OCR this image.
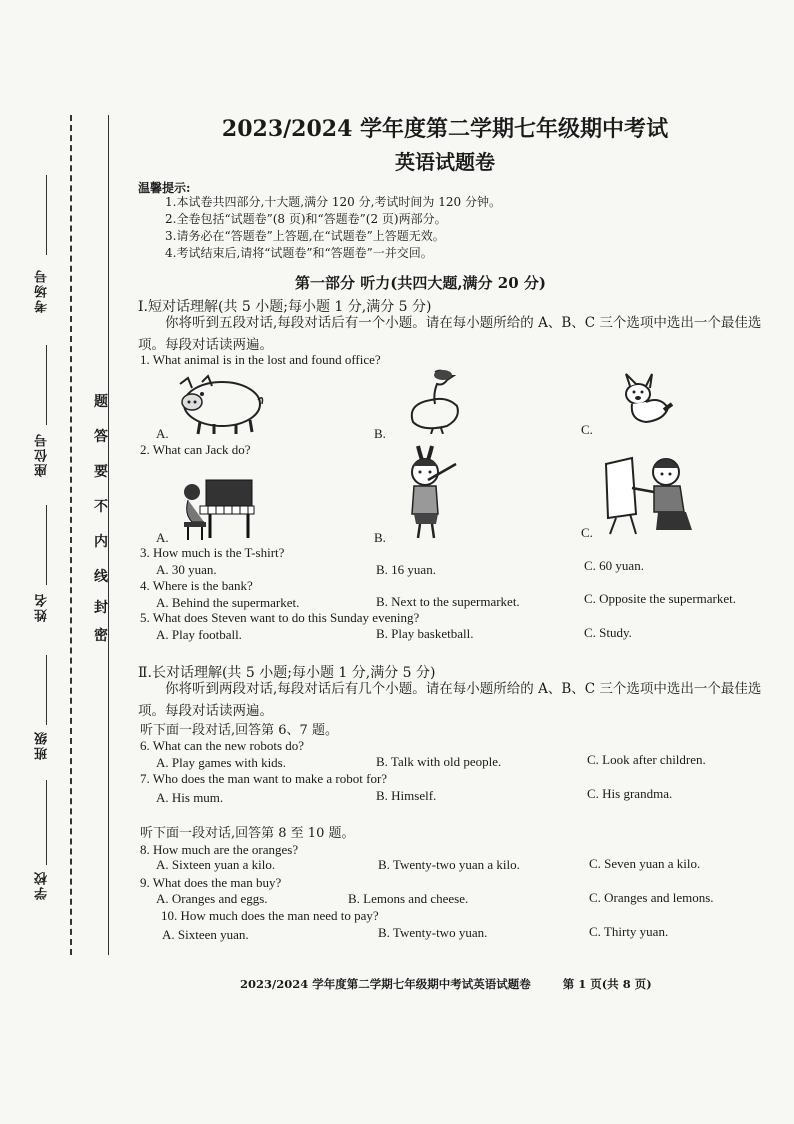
考场号
座位号
姓名
班级
学校
密
封
线
内
不
要
答
题
2023/2024 学年度第二学期七年级期中考试
英语试题卷
温馨提示:
1.本试卷共四部分,十大题,满分 120 分,考试时间为 120 分钟。
2.全卷包括“试题卷”(8 页)和“答题卷”(2 页)两部分。
3.请务必在“答题卷”上答题,在“试题卷”上答题无效。
4.考试结束后,请将“试题卷”和“答题卷”一并交回。
第一部分 听力(共四大题,满分 20 分)
Ⅰ.短对话理解(共 5 小题;每小题 1 分,满分 5 分)
你将听到五段对话,每段对话后有一个小题。请在每小题所给的 A、B、C 三个选项中选出一个最佳选项。每段对话读两遍。
1. What animal is in the lost and found office?
A.	B.	C.
2. What can Jack do?
A.	B.	C.
3. How much is the T-shirt?
A. 30 yuan.	B. 16 yuan.	C. 60 yuan.
4. Where is the bank?
A. Behind the supermarket.	B. Next to the supermarket.	C. Opposite the supermarket.
5. What does Steven want to do this Sunday evening?
A. Play football.	B. Play basketball.	C. Study.
Ⅱ.长对话理解(共 5 小题;每小题 1 分,满分 5 分)
你将听到两段对话,每段对话后有几个小题。请在每小题所给的 A、B、C 三个选项中选出一个最佳选项。每段对话读两遍。
听下面一段对话,回答第 6、7 题。
6. What can the new robots do?
A. Play games with kids.	B. Talk with old people.	C. Look after children.
7. Who does the man want to make a robot for?
A. His mum.	B. Himself.	C. His grandma.
听下面一段对话,回答第 8 至 10 题。
8. How much are the oranges?
A. Sixteen yuan a kilo.	B. Twenty-two yuan a kilo.	C. Seven yuan a kilo.
9. What does the man buy?
A. Oranges and eggs.	B. Lemons and cheese.	C. Oranges and lemons.
10. How much does the man need to pay?
A. Sixteen yuan.	B. Twenty-two yuan.	C. Thirty yuan.
2023/2024 学年度第二学期七年级期中考试英语试题卷	第 1 页(共 8 页)
